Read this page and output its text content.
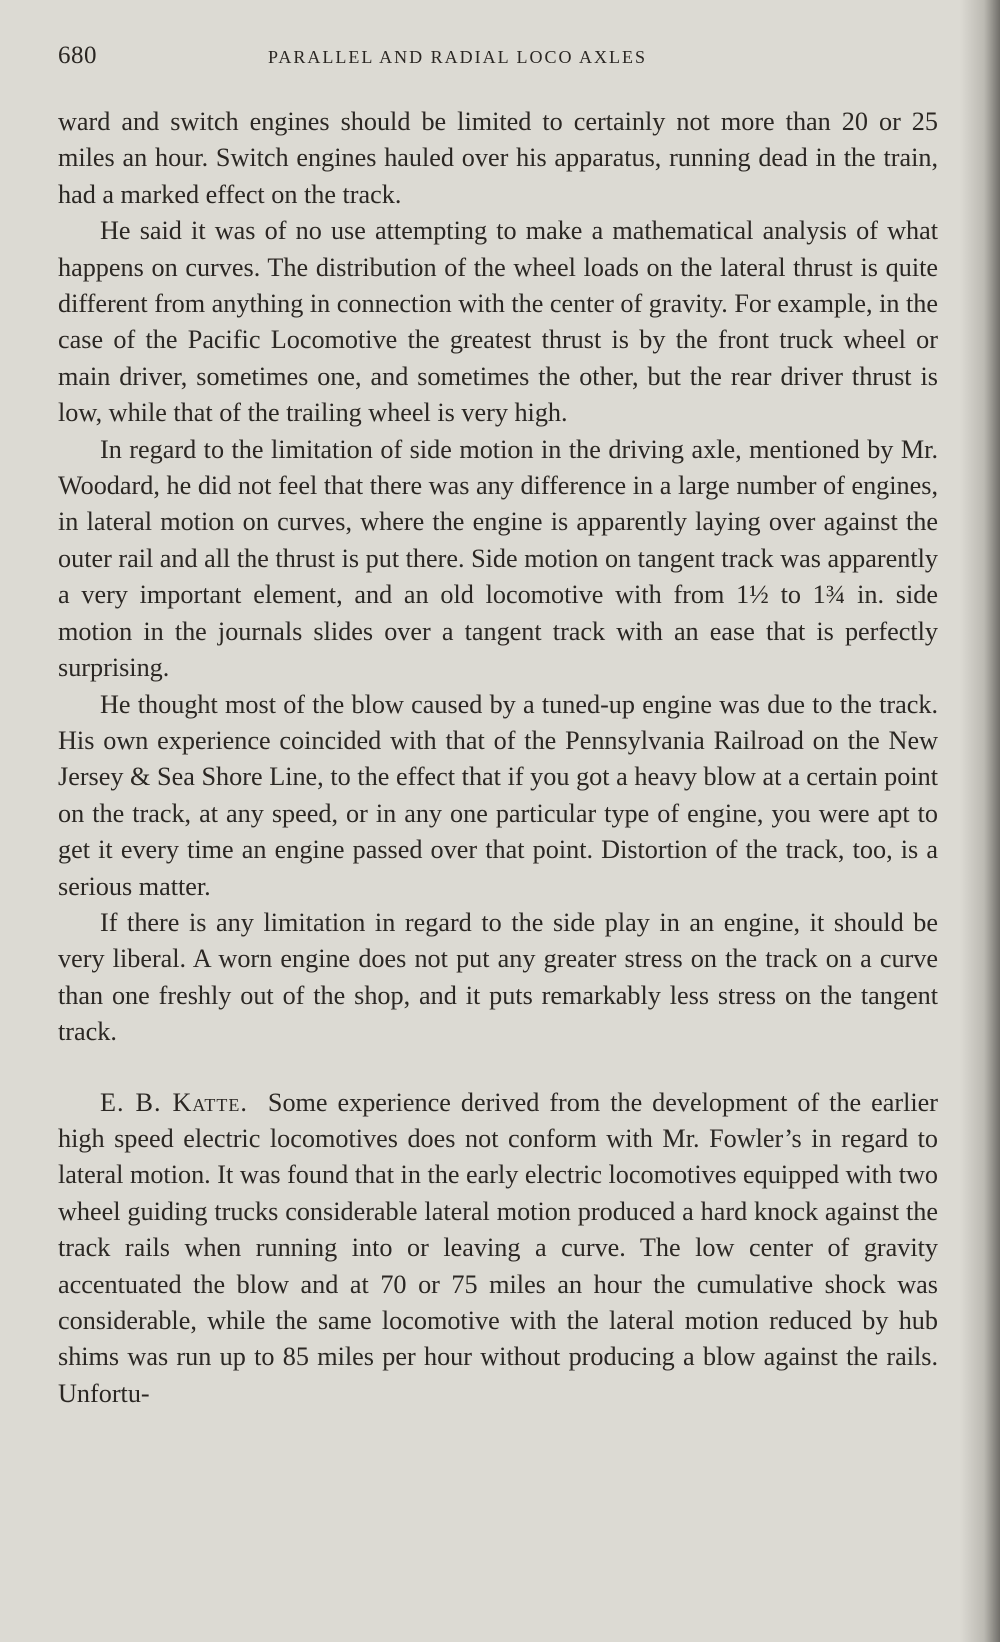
680	PARALLEL AND RADIAL LOCO AXLES

ward and switch engines should be limited to certainly not more than 20 or 25 miles an hour. Switch engines hauled over his apparatus, running dead in the train, had a marked effect on the track.

He said it was of no use attempting to make a mathematical analysis of what happens on curves. The distribution of the wheel loads on the lateral thrust is quite different from anything in connection with the center of gravity. For example, in the case of the Pacific Locomotive the greatest thrust is by the front truck wheel or main driver, sometimes one, and sometimes the other, but the rear driver thrust is low, while that of the trailing wheel is very high.

In regard to the limitation of side motion in the driving axle, mentioned by Mr. Woodard, he did not feel that there was any difference in a large number of engines, in lateral motion on curves, where the engine is apparently laying over against the outer rail and all the thrust is put there. Side motion on tangent track was apparently a very important element, and an old locomotive with from 1½ to 1¾ in. side motion in the journals slides over a tangent track with an ease that is perfectly surprising.

He thought most of the blow caused by a tuned-up engine was due to the track. His own experience coincided with that of the Pennsylvania Railroad on the New Jersey & Sea Shore Line, to the effect that if you got a heavy blow at a certain point on the track, at any speed, or in any one particular type of engine, you were apt to get it every time an engine passed over that point. Distortion of the track, too, is a serious matter.

If there is any limitation in regard to the side play in an engine, it should be very liberal. A worn engine does not put any greater stress on the track on a curve than one freshly out of the shop, and it puts remarkably less stress on the tangent track.

E. B. Katte. Some experience derived from the development of the earlier high speed electric locomotives does not conform with Mr. Fowler’s in regard to lateral motion. It was found that in the early electric locomotives equipped with two wheel guiding trucks considerable lateral motion produced a hard knock against the track rails when running into or leaving a curve. The low center of gravity accentuated the blow and at 70 or 75 miles an hour the cumulative shock was considerable, while the same locomotive with the lateral motion reduced by hub shims was run up to 85 miles per hour without producing a blow against the rails. Unfortu-
